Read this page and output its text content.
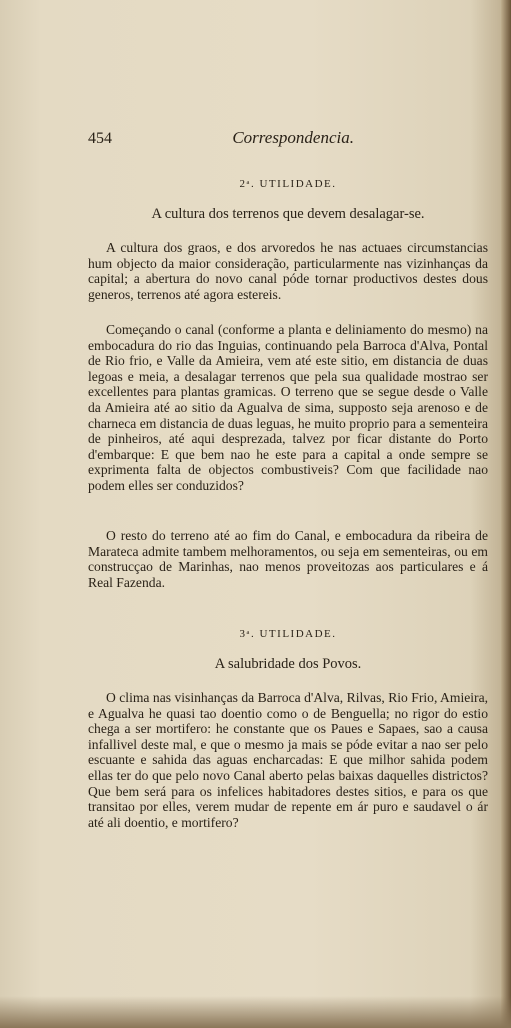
454	Correspondencia.
2ᵃ. UTILIDADE.
A cultura dos terrenos que devem desalagar-se.

A cultura dos graos, e dos arvoredos he nas actuaes circumstancias hum objecto da maior consideração, particularmente nas vizinhanças da capital; a abertura do novo canal póde tornar productivos destes dous generos, terrenos até agora estereis.

Começando o canal (conforme a planta e deliniamento do mesmo) na embocadura do rio das Inguias, continuando pela Barroca d'Alva, Pontal de Rio frio, e Valle da Amieira, vem até este sitio, em distancia de duas legoas e meia, a desalagar terrenos que pela sua qualidade mostrao ser excellentes para plantas gramicas. O terreno que se segue desde o Valle da Amieira até ao sitio da Agualva de sima, supposto seja arenoso e de charneca em distancia de duas leguas, he muito proprio para a sementeira de pinheiros, até aqui desprezada, talvez por ficar distante do Porto d'embarque: E que bem nao he este para a capital a onde sempre se exprimenta falta de objectos combustiveis? Com que facilidade nao podem elles ser conduzidos?

O resto do terreno até ao fim do Canal, e embocadura da ribeira de Marateca admite tambem melhoramentos, ou seja em sementeiras, ou em construcçao de Marinhas, nao menos proveitozas aos particulares e á Real Fazenda.

3ᵃ. UTILIDADE.
A salubridade dos Povos.

O clima nas visinhanças da Barroca d'Alva, Rilvas, Rio Frio, Amieira, e Agualva he quasi tao doentio como o de Benguella; no rigor do estio chega a ser mortifero: he constante que os Paues e Sapaes, sao a causa infallivel deste mal, e que o mesmo ja mais se póde evitar a nao ser pelo escuante e sahida das aguas encharcadas: E que milhor sahida podem ellas ter do que pelo novo Canal aberto pelas baixas daquelles districtos? Que bem será para os infelices habitadores destes sitios, e para os que transitao por elles, verem mudar de repente em ár puro e saudavel o ár até ali doentio, e mortifero?
